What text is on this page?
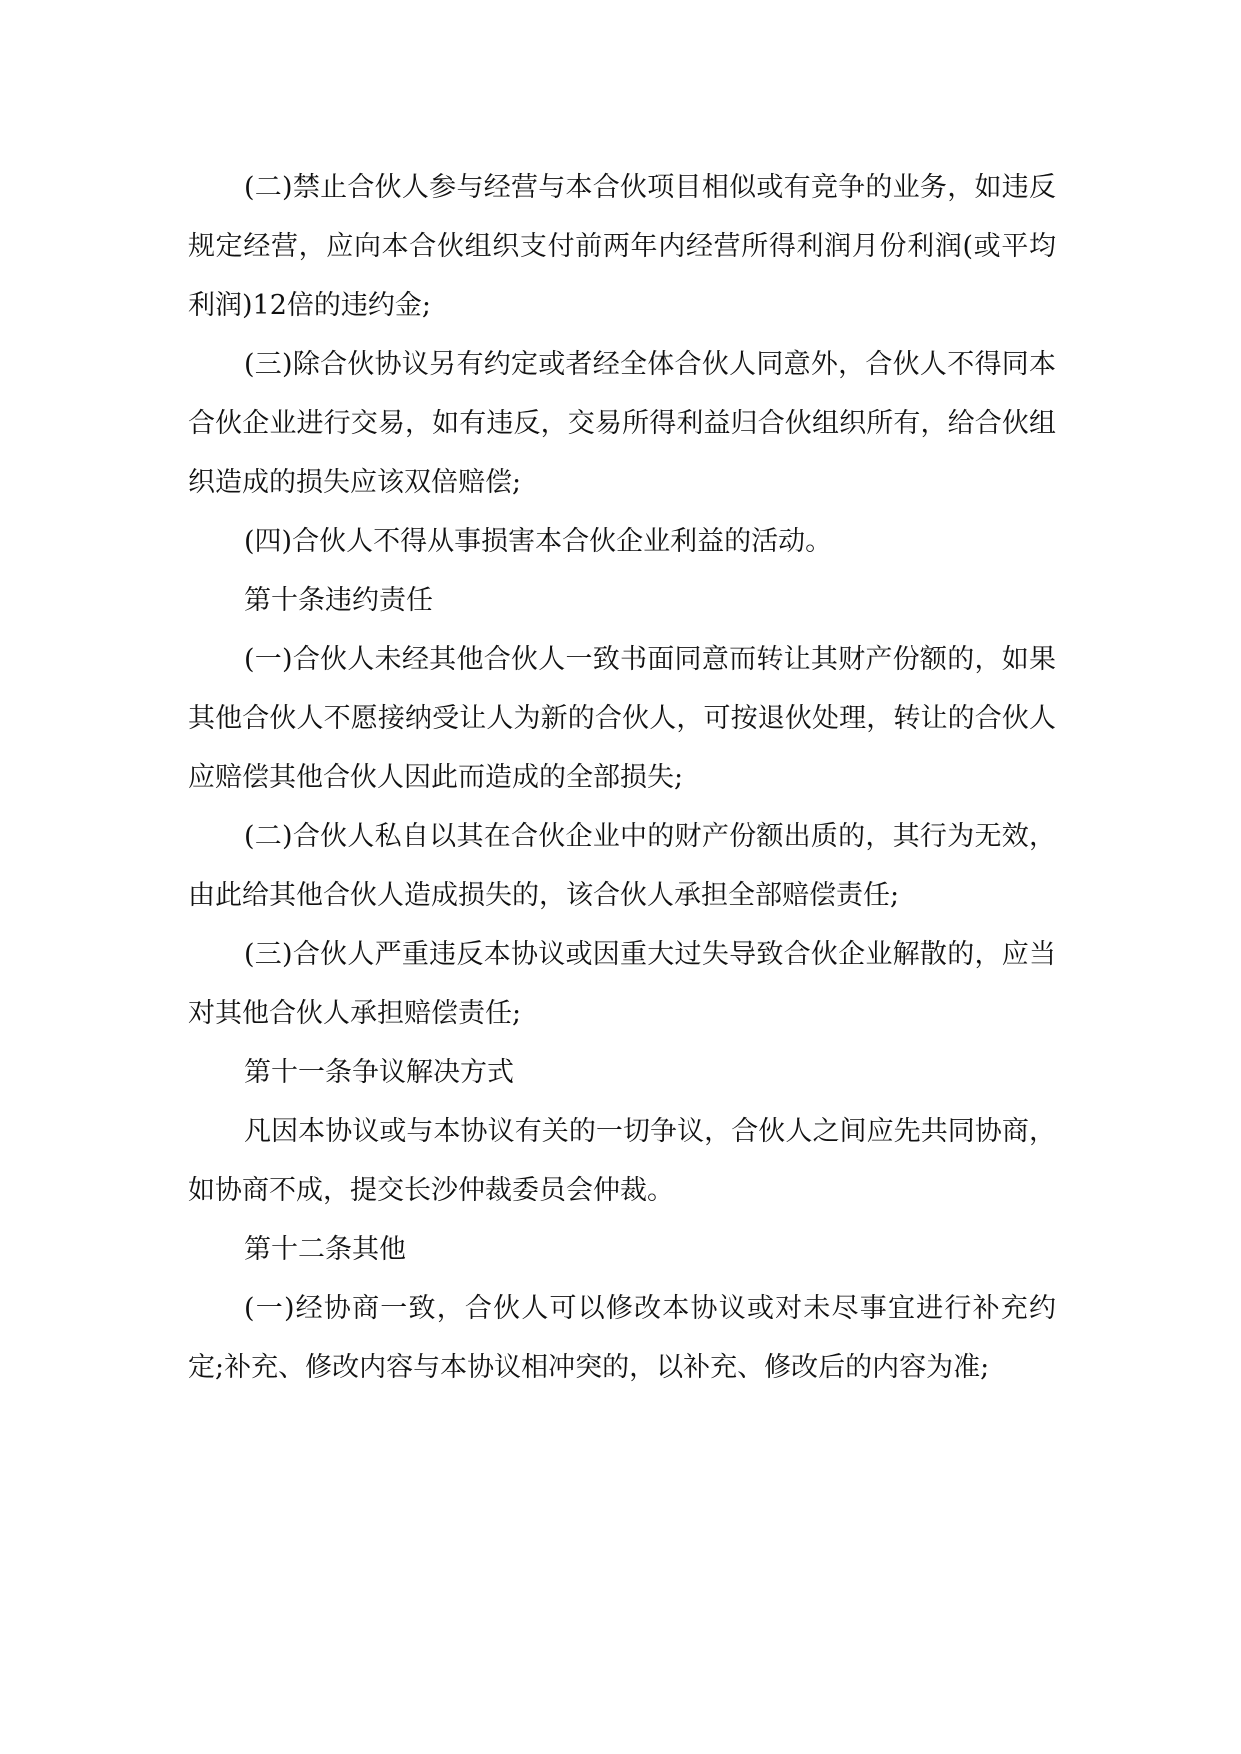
(二)禁止合伙人参与经营与本合伙项目相似或有竞争的业务，如违反规定经营，应向本合伙组织支付前两年内经营所得利润月份利润(或平均利润)12倍的违约金;

(三)除合伙协议另有约定或者经全体合伙人同意外，合伙人不得同本合伙企业进行交易，如有违反，交易所得利益归合伙组织所有，给合伙组织造成的损失应该双倍赔偿;

(四)合伙人不得从事损害本合伙企业利益的活动。

第十条违约责任

(一)合伙人未经其他合伙人一致书面同意而转让其财产份额的，如果其他合伙人不愿接纳受让人为新的合伙人，可按退伙处理，转让的合伙人应赔偿其他合伙人因此而造成的全部损失;

(二)合伙人私自以其在合伙企业中的财产份额出质的，其行为无效，由此给其他合伙人造成损失的，该合伙人承担全部赔偿责任;

(三)合伙人严重违反本协议或因重大过失导致合伙企业解散的，应当对其他合伙人承担赔偿责任;

第十一条争议解决方式

凡因本协议或与本协议有关的一切争议，合伙人之间应先共同协商，如协商不成，提交长沙仲裁委员会仲裁。

第十二条其他

(一)经协商一致，合伙人可以修改本协议或对未尽事宜进行补充约定;补充、修改内容与本协议相冲突的，以补充、修改后的内容为准;
